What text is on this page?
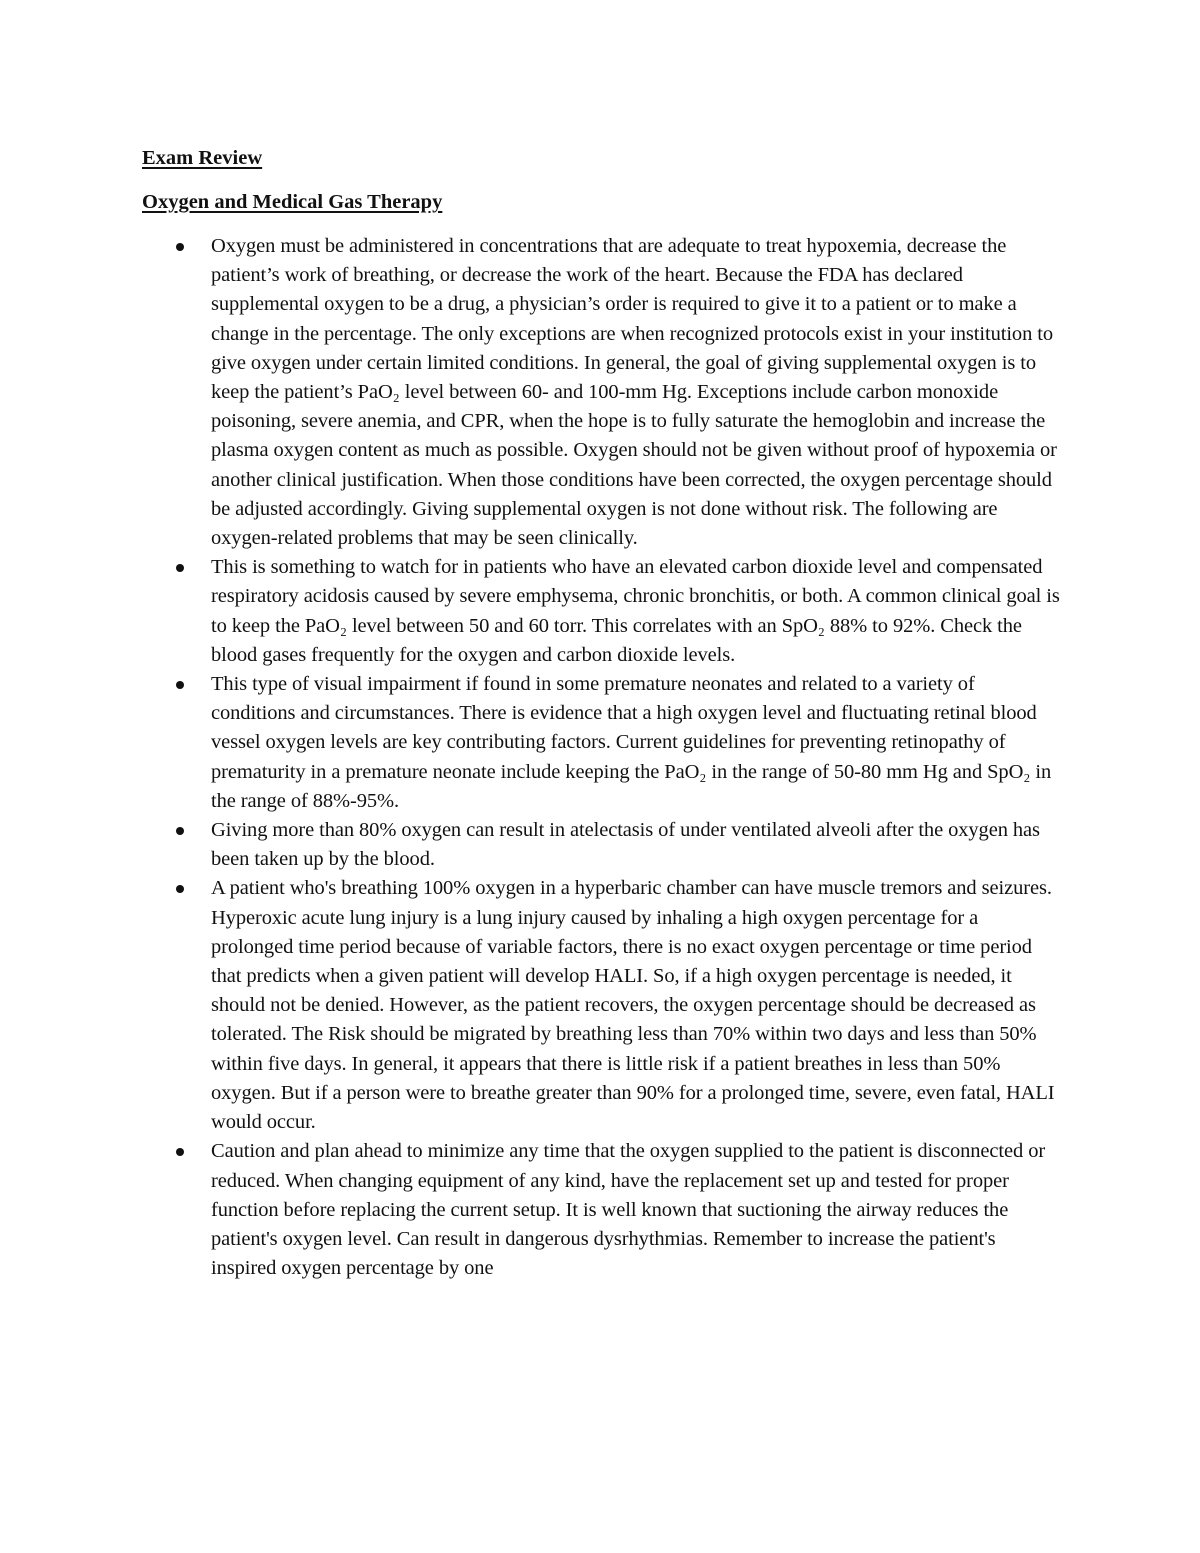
Exam Review
Oxygen and Medical Gas Therapy
Oxygen must be administered in concentrations that are adequate to treat hypoxemia, decrease the patient’s work of breathing, or decrease the work of the heart. Because the FDA has declared supplemental oxygen to be a drug, a physician’s order is required to give it to a patient or to make a change in the percentage. The only exceptions are when recognized protocols exist in your institution to give oxygen under certain limited conditions. In general, the goal of giving supplemental oxygen is to keep the patient’s PaO₂ level between 60- and 100-mm Hg. Exceptions include carbon monoxide poisoning, severe anemia, and CPR, when the hope is to fully saturate the hemoglobin and increase the plasma oxygen content as much as possible. Oxygen should not be given without proof of hypoxemia or another clinical justification. When those conditions have been corrected, the oxygen percentage should be adjusted accordingly. Giving supplemental oxygen is not done without risk. The following are oxygen-related problems that may be seen clinically.
This is something to watch for in patients who have an elevated carbon dioxide level and compensated respiratory acidosis caused by severe emphysema, chronic bronchitis, or both. A common clinical goal is to keep the PaO₂ level between 50 and 60 torr. This correlates with an SpO₂ 88% to 92%. Check the blood gases frequently for the oxygen and carbon dioxide levels.
This type of visual impairment if found in some premature neonates and related to a variety of conditions and circumstances. There is evidence that a high oxygen level and fluctuating retinal blood vessel oxygen levels are key contributing factors. Current guidelines for preventing retinopathy of prematurity in a premature neonate include keeping the PaO₂ in the range of 50-80 mm Hg and SpO₂ in the range of 88%-95%.
Giving more than 80% oxygen can result in atelectasis of under ventilated alveoli after the oxygen has been taken up by the blood.
A patient who's breathing 100% oxygen in a hyperbaric chamber can have muscle tremors and seizures. Hyperoxic acute lung injury is a lung injury caused by inhaling a high oxygen percentage for a prolonged time period because of variable factors, there is no exact oxygen percentage or time period that predicts when a given patient will develop HALI. So, if a high oxygen percentage is needed, it should not be denied. However, as the patient recovers, the oxygen percentage should be decreased as tolerated. The Risk should be migrated by breathing less than 70% within two days and less than 50% within five days. In general, it appears that there is little risk if a patient breathes in less than 50% oxygen. But if a person were to breathe greater than 90% for a prolonged time, severe, even fatal, HALI would occur.
Caution and plan ahead to minimize any time that the oxygen supplied to the patient is disconnected or reduced. When changing equipment of any kind, have the replacement set up and tested for proper function before replacing the current setup. It is well known that suctioning the airway reduces the patient's oxygen level. Can result in dangerous dysrhythmias. Remember to increase the patient's inspired oxygen percentage by one
